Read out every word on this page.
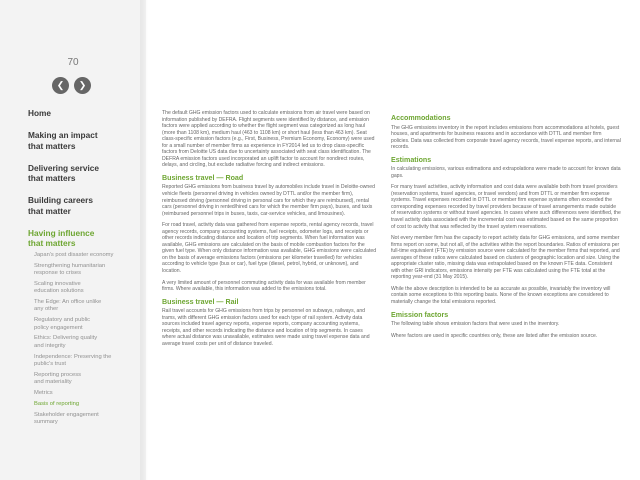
70
❮	❯
Home
Making an impact
that matters
Delivering service
that matters
Building careers
that matter
Having influence
that matters
Japan's post disaster economy
Strengthening humanitarian
response to crises
Scaling innovative
education solutions
The Edge: An office unlike
any other
Regulatory and public
policy engagement
Ethics: Delivering quality
and integrity
Independence: Preserving the
public's trust
Reporting process
and materiality
Metrics
Basis of reporting
Stakeholder engagement
summary

The default GHG emission factors used to calculate emissions from air travel were based on information published by DEFRA. Flight segments were identified by distance, and emission factors were applied according to whether the flight segment was categorized as long haul (more than 1108 km), medium haul (463 to 1108 km) or short haul (less than 463 km). Seat class-specific emission factors (e.g., First, Business, Premium Economy, Economy) were used for a small number of member firms as experience in FY2014 led us to drop class-specific factors from Deloitte US data due to uncertainty associated with seat class identification. The DEFRA emission factors used incorporated an uplift factor to account for nondirect routes, delays, and circling, but exclude radiative forcing and indirect emissions.

Business travel — Road

Reported GHG emissions from business travel by automobiles include travel in Deloitte-owned vehicle fleets (personnel driving in vehicles owned by DTTL and/or the member firm), reimbursed driving (personnel driving in personal cars for which they are reimbursed), rental cars (personnel driving in rented/hired cars for which the member firm pays), buses, and taxis (reimbursed personnel trips in buses, taxis, car-service vehicles, and limousines).

For road travel, activity data was gathered from expense reports, rental agency records, travel agency records, company accounting systems, fuel receipts, odometer logs, and receipts or other records indicating distance and location of trip segments. When fuel information was available, GHG emissions are calculated on the basis of mobile combustion factors for the given fuel type. When only distance information was available, GHG emissions were calculated on the basis of average emissions factors (emissions per kilometer travelled) for vehicles according to vehicle type (bus or car), fuel type (diesel, petrol, hybrid, or unknown), and location.

A very limited amount of personnel commuting activity data for was available from member firms. Where available, this information was added to the emissions total.

Business travel — Rail

Rail travel accounts for GHG emissions from trips by personnel on subways, railways, and trams, with different GHG emission factors used for each type of rail system. Activity data sources included travel agency reports, expense reports, company accounting systems, receipts, and other records indicating the distance and location of trip segments. In cases where actual distance was unavailable, estimates were made using travel expense data and average travel costs per unit of distance traveled.

Accommodations

The GHG emissions inventory in the report includes emissions from accommodations at hotels, guest houses, and apartments for business reasons and in accordance with DTTL and member firm policies. Data was collected from corporate travel agency records, travel expense reports, and internal records.

Estimations

In calculating emissions, various estimations and extrapolations were made to account for known data gaps.

For many travel activities, activity information and cost data were available both from travel providers (reservation systems, travel agencies, or travel vendors) and from DTTL or member firm expense systems. Travel expenses recorded in DTTL or member firm expense systems often exceeded the corresponding expenses recorded by travel providers because of travel arrangements made outside of reservation systems or without travel agencies. In cases where such differences were identified, the travel activity data associated with the incremental cost was estimated based on the same proportion of cost to activity that was reflected by the travel system reservations.

Not every member firm has the capacity to report activity data for GHG emissions, and some member firms report on some, but not all, of the activities within the report boundaries. Ratios of emissions per full-time equivalent (FTE) by emission source were calculated for the member firms that reported, and averages of these ratios were calculated based on clusters of geographic location and size. Using the appropriate cluster ratio, missing data was extrapolated based on the known FTE data. Consistent with other GRI indicators, emissions intensity per FTE was calculated using the FTE total at the reporting year-end (31 May 2015).

While the above description is intended to be as accurate as possible, invariably the inventory will contain some exceptions to this reporting basis. None of the known exceptions are considered to materially change the total emissions reported.

Emission factors

The following table shows emission factors that were used in the inventory.

Where factors are used in specific countries only, these are listed after the emission source.
